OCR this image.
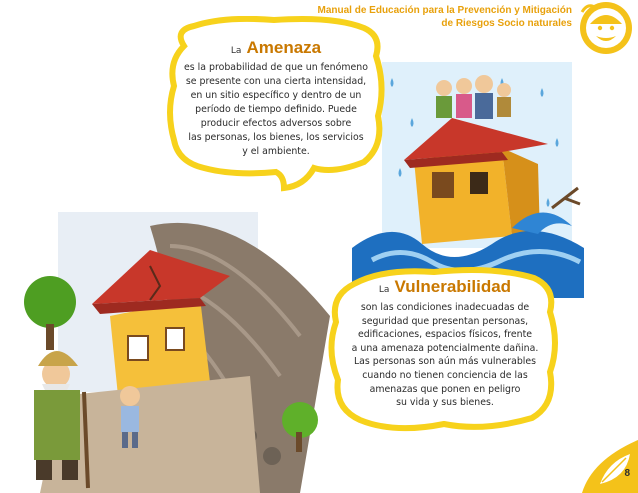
Manual de Educación para la Prevención y Mitigación
de Riesgos Socio naturales
La Amenaza
es la probabilidad de que un fenómeno
se presente con una cierta intensidad,
en un sitio específico y dentro de un
período de tiempo definido. Puede
producir efectos adversos sobre
las personas, los bienes, los servicios
y el ambiente.
La Vulnerabilidad
son las condiciones inadecuadas de
seguridad que presentan personas,
edificaciones, espacios físicos, frente
a una amenaza potencialmente dañina.
Las personas son aún más vulnerables
cuando no tienen conciencia de las
amenazas que ponen en peligro
su vida y sus bienes.
8
